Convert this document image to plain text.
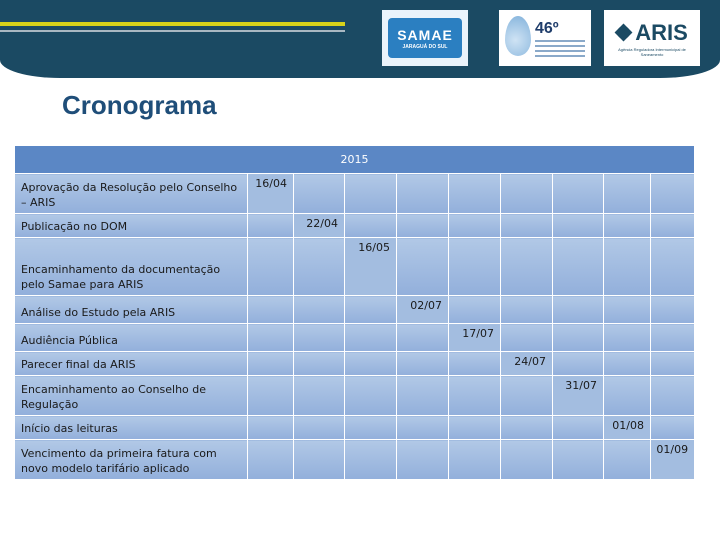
SAMAE
JARAGUÁ DO SUL
46º	ARIS
Agência Reguladora Intermunicipal de Saneamento
Cronograma
2015									
Aprovação da Resolução pelo Conselho – ARIS	16/04								
Publicação no DOM		22/04							
Encaminhamento da documentação pelo Samae para ARIS			16/05						
Análise do Estudo pela ARIS				02/07					
Audiência Pública					17/07				
Parecer final da ARIS						24/07			
Encaminhamento ao Conselho de Regulação							31/07		
Início das leituras								01/08	
Vencimento da primeira fatura com novo modelo tarifário aplicado									01/09
